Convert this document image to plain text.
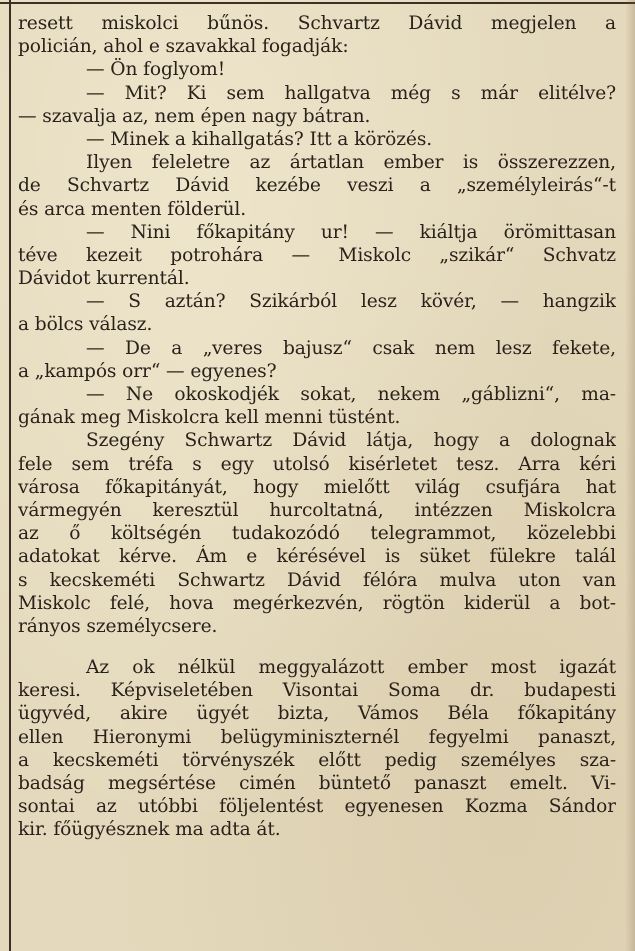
resett miskolci bűnös. Schvartz Dávid megjelen a
policián, ahol e szavakkal fogadják:
— Ön foglyom!
— Mit? Ki sem hallgatva még s már elitélve?
— szavalja az, nem épen nagy bátran.
— Minek a kihallgatás? Itt a körözés.
Ilyen feleletre az ártatlan ember is összerezzen,
de Schvartz Dávid kezébe veszi a „személyleirás“-t
és arca menten földerül.
— Nini főkapitány ur! — kiáltja örömittasan
téve kezeit potrohára — Miskolc „szikár“ Schvatz
Dávidot kurrentál.
— S aztán? Szikárból lesz kövér, — hangzik
a bölcs válasz.
— De a „veres bajusz“ csak nem lesz fekete,
a „kampós orr“ — egyenes?
— Ne okoskodjék sokat, nekem „gáblizni“, ma-
gának meg Miskolcra kell menni tüstént.
Szegény Schwartz Dávid látja, hogy a dolognak
fele sem tréfa s egy utolsó kisérletet tesz. Arra kéri
városa főkapitányát, hogy mielőtt világ csufjára hat
vármegyén keresztül hurcoltatná, intézzen Miskolcra
az ő költségén tudakozódó telegrammot, közelebbi
adatokat kérve. Ám e kérésével is süket fülekre talál
s kecskeméti Schwartz Dávid félóra mulva uton van
Miskolc felé, hova megérkezvén, rögtön kiderül a bot-
rányos személycsere.
Az ok nélkül meggyalázott ember most igazát
keresi. Képviseletében Visontai Soma dr. budapesti
ügyvéd, akire ügyét bizta, Vámos Béla főkapitány
ellen Hieronymi belügyminiszternél fegyelmi panaszt,
a kecskeméti törvényszék előtt pedig személyes sza-
badság megsértése cimén büntető panaszt emelt. Vi-
sontai az utóbbi följelentést egyenesen Kozma Sándor
kir. főügyésznek ma adta át.
